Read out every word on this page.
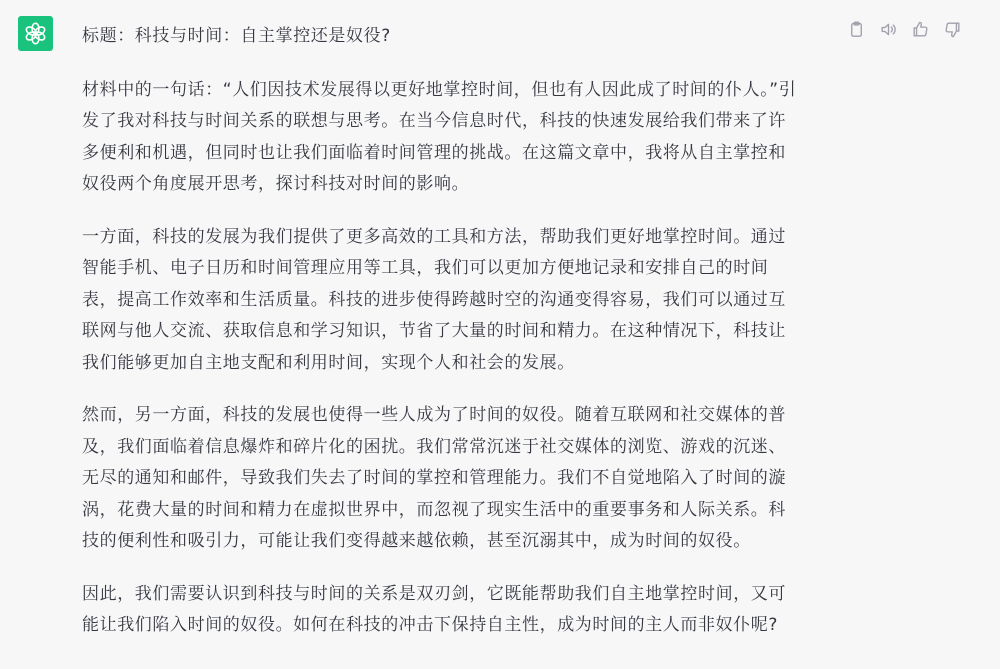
标题：科技与时间：自主掌控还是奴役?

材料中的一句话：“人们因技术发展得以更好地掌控时间，但也有人因此成了时间的仆人。”引
发了我对科技与时间关系的联想与思考。在当今信息时代，科技的快速发展给我们带来了许
多便利和机遇，但同时也让我们面临着时间管理的挑战。在这篇文章中，我将从自主掌控和
奴役两个角度展开思考，探讨科技对时间的影响。

一方面，科技的发展为我们提供了更多高效的工具和方法，帮助我们更好地掌控时间。通过
智能手机、电子日历和时间管理应用等工具，我们可以更加方便地记录和安排自己的时间
表，提高工作效率和生活质量。科技的进步使得跨越时空的沟通变得容易，我们可以通过互
联网与他人交流、获取信息和学习知识，节省了大量的时间和精力。在这种情况下，科技让
我们能够更加自主地支配和利用时间，实现个人和社会的发展。

然而，另一方面，科技的发展也使得一些人成为了时间的奴役。随着互联网和社交媒体的普
及，我们面临着信息爆炸和碎片化的困扰。我们常常沉迷于社交媒体的浏览、游戏的沉迷、
无尽的通知和邮件，导致我们失去了时间的掌控和管理能力。我们不自觉地陷入了时间的漩
涡，花费大量的时间和精力在虚拟世界中，而忽视了现实生活中的重要事务和人际关系。科
技的便利性和吸引力，可能让我们变得越来越依赖，甚至沉溺其中，成为时间的奴役。

因此，我们需要认识到科技与时间的关系是双刃剑，它既能帮助我们自主地掌控时间，又可
能让我们陷入时间的奴役。如何在科技的冲击下保持自主性，成为时间的主人而非奴仆呢?
